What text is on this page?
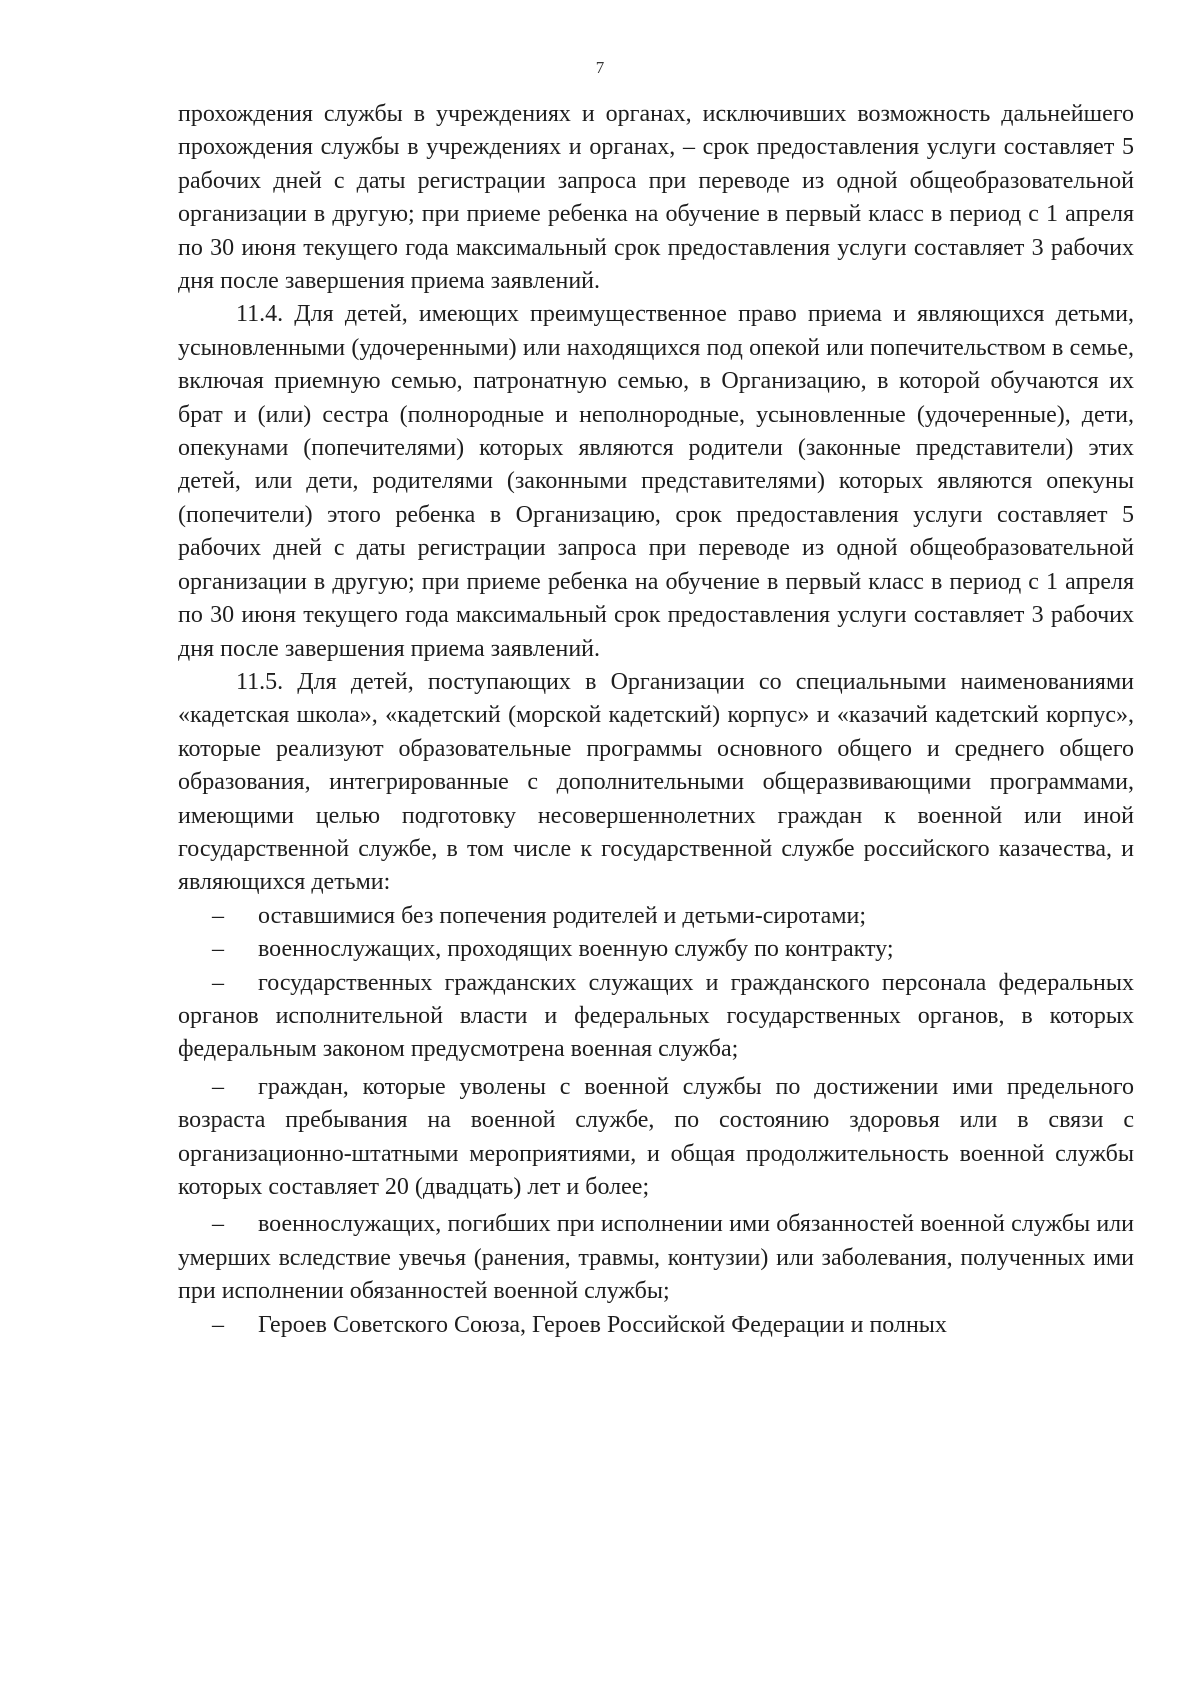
7

прохождения службы в учреждениях и органах, исключивших возможность дальнейшего прохождения службы в учреждениях и органах, – срок предоставления услуги составляет 5 рабочих дней с даты регистрации запроса при переводе из одной общеобразовательной организации в другую; при приеме ребенка на обучение в первый класс в период с 1 апреля по 30 июня текущего года максимальный срок предоставления услуги составляет 3 рабочих дня после завершения приема заявлений.

11.4. Для детей, имеющих преимущественное право приема и являющихся детьми, усыновленными (удочеренными) или находящихся под опекой или попечительством в семье, включая приемную семью, патронатную семью, в Организацию, в которой обучаются их брат и (или) сестра (полнородные и неполнородные, усыновленные (удочеренные), дети, опекунами (попечителями) которых являются родители (законные представители) этих детей, или дети, родителями (законными представителями) которых являются опекуны (попечители) этого ребенка в Организацию, срок предоставления услуги составляет 5 рабочих дней с даты регистрации запроса при переводе из одной общеобразовательной организации в другую; при приеме ребенка на обучение в первый класс в период с 1 апреля по 30 июня текущего года максимальный срок предоставления услуги составляет 3 рабочих дня после завершения приема заявлений.

11.5. Для детей, поступающих в Организации со специальными наименованиями «кадетская школа», «кадетский (морской кадетский) корпус» и «казачий кадетский корпус», которые реализуют образовательные программы основного общего и среднего общего образования, интегрированные с дополнительными общеразвивающими программами, имеющими целью подготовку несовершеннолетних граждан к военной или иной государственной службе, в том числе к государственной службе российского казачества, и являющихся детьми:

– оставшимися без попечения родителей и детьми-сиротами;

– военнослужащих, проходящих военную службу по контракту;

– государственных гражданских служащих и гражданского персонала федеральных органов исполнительной власти и федеральных государственных органов, в которых федеральным законом предусмотрена военная служба;

– граждан, которые уволены с военной службы по достижении ими предельного возраста пребывания на военной службе, по состоянию здоровья или в связи с организационно-штатными мероприятиями, и общая продолжительность военной службы которых составляет 20 (двадцать) лет и более;

– военнослужащих, погибших при исполнении ими обязанностей военной службы или умерших вследствие увечья (ранения, травмы, контузии) или заболевания, полученных ими при исполнении обязанностей военной службы;

– Героев Советского Союза, Героев Российской Федерации и полных
